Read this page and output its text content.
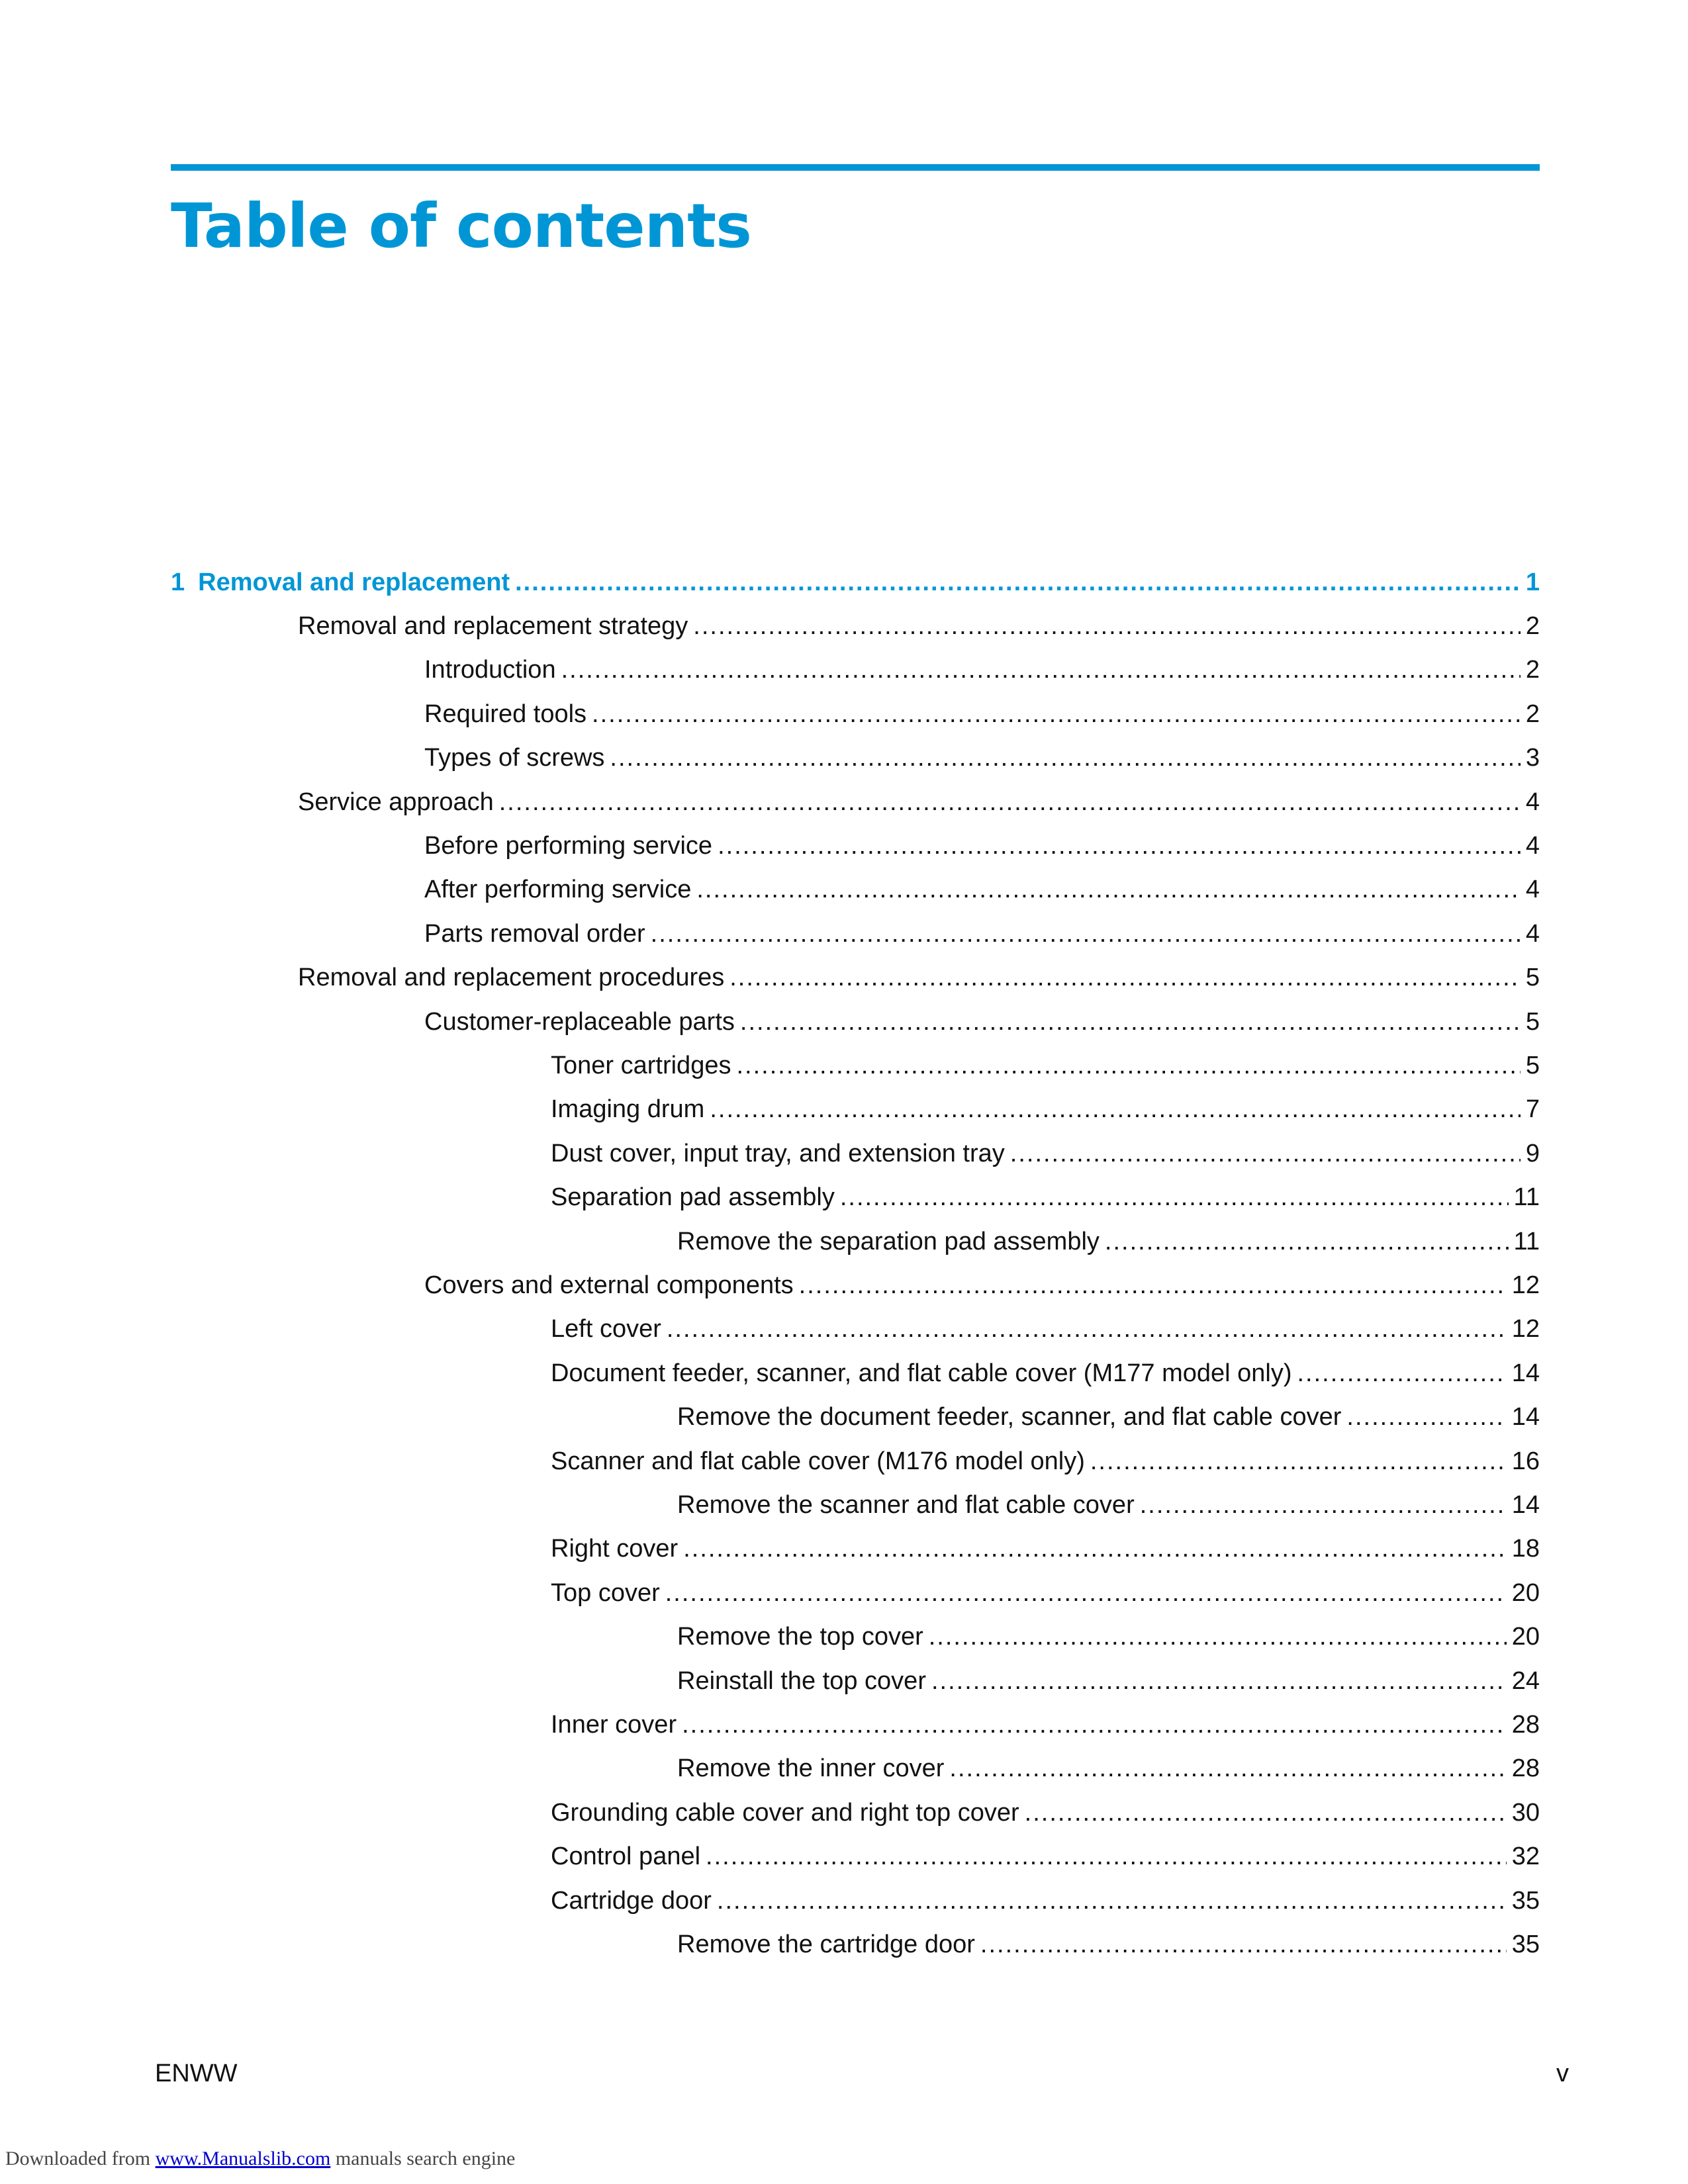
Table of contents
1 Removal and replacement .....	1
Removal and replacement strategy .....	2
Introduction .....	2
Required tools .....	2
Types of screws .....	3
Service approach .....	4
Before performing service .....	4
After performing service .....	4
Parts removal order .....	4
Removal and replacement procedures .....	5
Customer-replaceable parts .....	5
Toner cartridges .....	5
Imaging drum .....	7
Dust cover, input tray, and extension tray .....	9
Separation pad assembly .....	11
Remove the separation pad assembly .....	11
Covers and external components .....	12
Left cover .....	12
Document feeder, scanner, and flat cable cover (M177 model only) .....	14
Remove the document feeder, scanner, and flat cable cover .....	14
Scanner and flat cable cover (M176 model only) .....	16
Remove the scanner and flat cable cover .....	14
Right cover .....	18
Top cover .....	20
Remove the top cover .....	20
Reinstall the top cover .....	24
Inner cover .....	28
Remove the inner cover .....	28
Grounding cable cover and right top cover .....	30
Control panel .....	32
Cartridge door .....	35
Remove the cartridge door .....	35
ENWW	v
Downloaded from www.Manualslib.com manuals search engine
